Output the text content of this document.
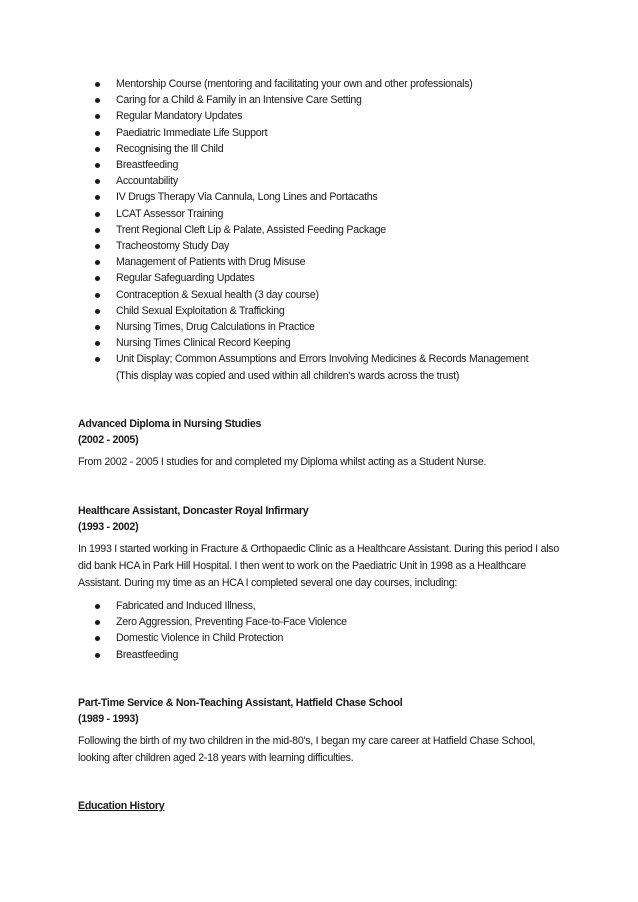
Mentorship Course (mentoring and facilitating your own and other professionals)
Caring for a Child & Family in an Intensive Care Setting
Regular Mandatory Updates
Paediatric Immediate Life Support
Recognising the Ill Child
Breastfeeding
Accountability
IV Drugs Therapy Via Cannula, Long Lines and Portacaths
LCAT Assessor Training
Trent Regional Cleft Lip & Palate, Assisted Feeding Package
Tracheostomy Study Day
Management of Patients with Drug Misuse
Regular Safeguarding Updates
Contraception & Sexual health (3 day course)
Child Sexual Exploitation & Trafficking
Nursing Times, Drug Calculations in Practice
Nursing Times Clinical Record Keeping
Unit Display; Common Assumptions and Errors Involving Medicines & Records Management
(This display was copied and used within all children's wards across the trust)

Advanced Diploma in Nursing Studies

(2002 - 2005)

From 2002 - 2005 I studies for and completed my Diploma whilst acting as a Student Nurse.

Healthcare Assistant, Doncaster Royal Infirmary

(1993 - 2002)

In 1993 I started working in Fracture & Orthopaedic Clinic as a Healthcare Assistant. During this period I also did bank HCA in Park Hill Hospital. I then went to work on the Paediatric Unit in 1998 as a Healthcare Assistant. During my time as an HCA I completed several one day courses, including:

Fabricated and Induced Illness,
Zero Aggression, Preventing Face-to-Face Violence
Domestic Violence in Child Protection
Breastfeeding

Part-Time Service & Non-Teaching Assistant, Hatfield Chase School

(1989 - 1993)

Following the birth of my two children in the mid-80's, I began my care career at Hatfield Chase School, looking after children aged 2-18 years with learning difficulties.

Education History
